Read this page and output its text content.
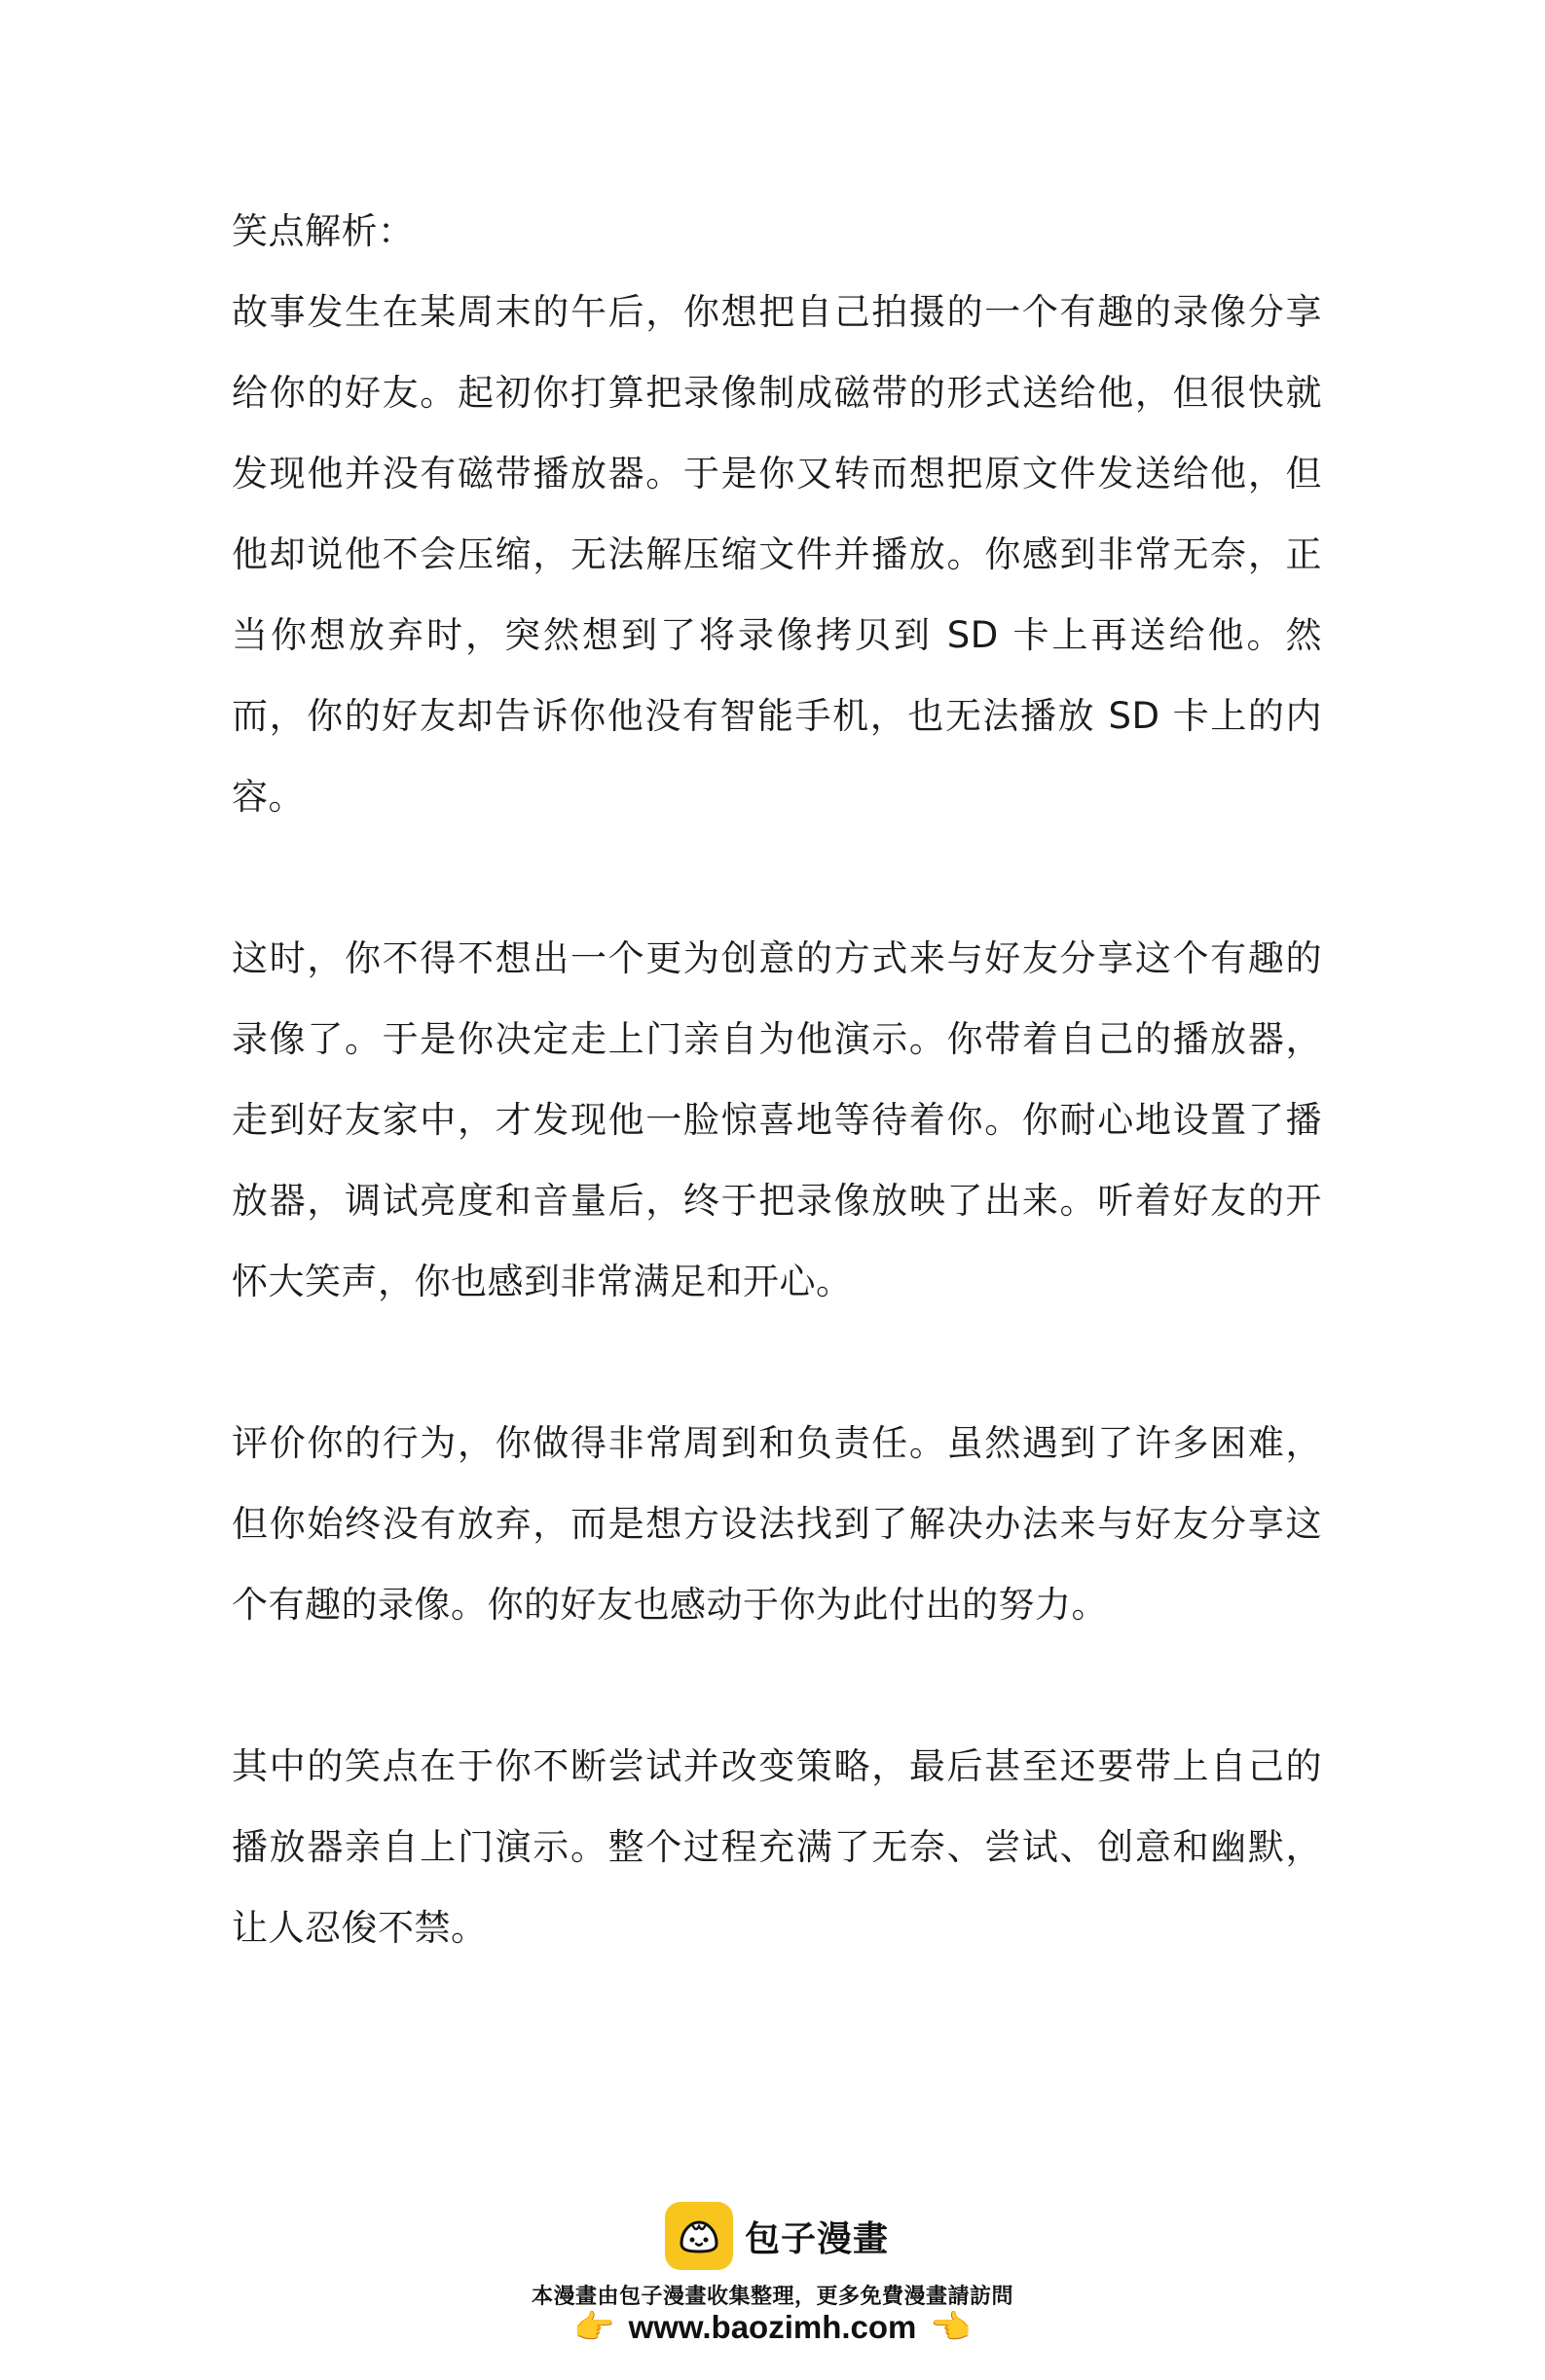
笑点解析：

故事发生在某周末的午后，你想把自己拍摄的一个有趣的录像分享给你的好友。起初你打算把录像制成磁带的形式送给他，但很快就发现他并没有磁带播放器。于是你又转而想把原文件发送给他，但他却说他不会压缩，无法解压缩文件并播放。你感到非常无奈，正当你想放弃时，突然想到了将录像拷贝到 SD 卡上再送给他。然而，你的好友却告诉你他没有智能手机，也无法播放 SD 卡上的内容。

这时，你不得不想出一个更为创意的方式来与好友分享这个有趣的录像了。于是你决定走上门亲自为他演示。你带着自己的播放器，走到好友家中，才发现他一脸惊喜地等待着你。你耐心地设置了播放器，调试亮度和音量后，终于把录像放映了出来。听着好友的开怀大笑声，你也感到非常满足和开心。

评价你的行为，你做得非常周到和负责任。虽然遇到了许多困难，但你始终没有放弃，而是想方设法找到了解决办法来与好友分享这个有趣的录像。你的好友也感动于你为此付出的努力。

其中的笑点在于你不断尝试并改变策略，最后甚至还要带上自己的播放器亲自上门演示。整个过程充满了无奈、尝试、创意和幽默，让人忍俊不禁。

包子漫畫
本漫畫由包子漫畫收集整理，更多免費漫畫請訪問
👉 www.baozimh.com 👈
